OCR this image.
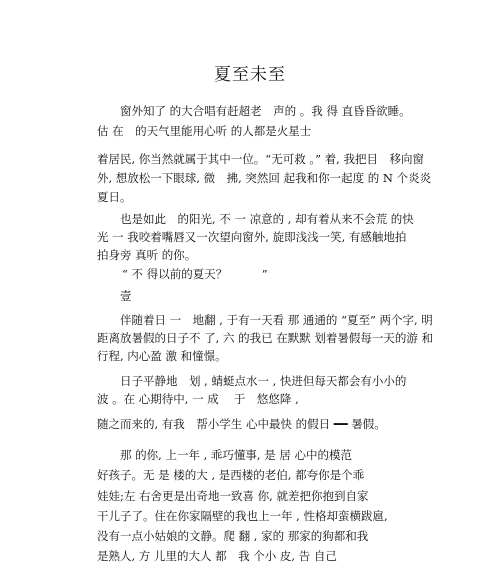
夏至未至
窗外知了 的大合唱有赶超老　声的 。我 得 直昏昏欲睡。
估 在　的天气里能用心听 的人都是火星士
着居民, 你当然就属于其中一位。“无可救 。” 着, 我把目　移向窗
外, 想放松一下眼球, 微　拂, 突然回 起我和你一起度 的 N 个炎炎
夏日。
也是如此　的阳光, 不 一 凉意的 , 却有着从来不会荒 的快
光 一 我咬着嘴唇又一次望向窗外, 旋即浅浅一笑, 有感触地拍
拍身旁 真听 的你。
“ 不 得以前的夏天？　　　”
壹
伴随着日 一　地翻 , 于有一天看 那 通通的 “夏至” 两个字, 明
距离放暑假的日子不 了, 六 的我已 在默默 划着暑假每一天的游 和
行程, 内心盈 激 和憧憬。
日子平静地　划 , 蜻蜓点水一 , 快进但每天都会有小小的
波 。在 心期待中, 一 成　 于　悠悠降 ,
随之而来的, 有我　帮小学生 心中最快 的假日 ━━ 暑假。
那 的你, 上一年 , 乖巧懂事, 是 居 心中的模范
好孩子。无 是 楼的大 , 是西楼的老伯, 都夸你是个乖
娃娃;左 右舍更是出奇地一致喜 你, 就差把你抱到自家
干儿子了。住在你家隔壁的我也上一年 , 性格却蛮横跋扈,
没有一点小姑娘的文静。爬 翻 , 家的 那家的狗都和我
是熟人, 方 儿里的大人 都　我 个小 皮, 告 自己
